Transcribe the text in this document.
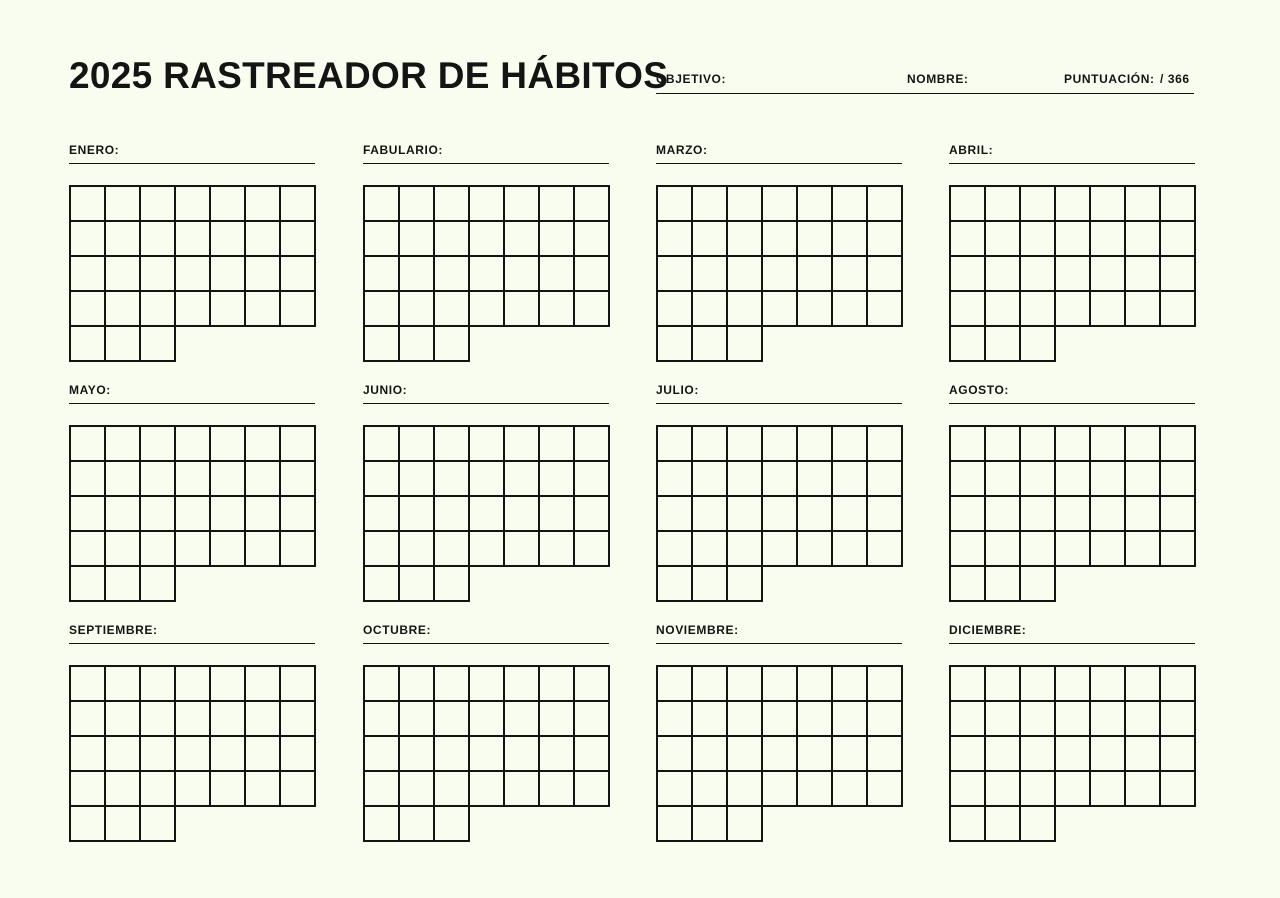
2025 RASTREADOR DE HÁBITOS
OBJETIVO:	NOMBRE:	PUNTUACIÓN: / 366
ENERO:	FABULARIO:	MARZO:	ABRIL:
MAYO:	JUNIO:	JULIO:	AGOSTO:
SEPTIEMBRE:	OCTUBRE:	NOVIEMBRE:	DICIEMBRE:
